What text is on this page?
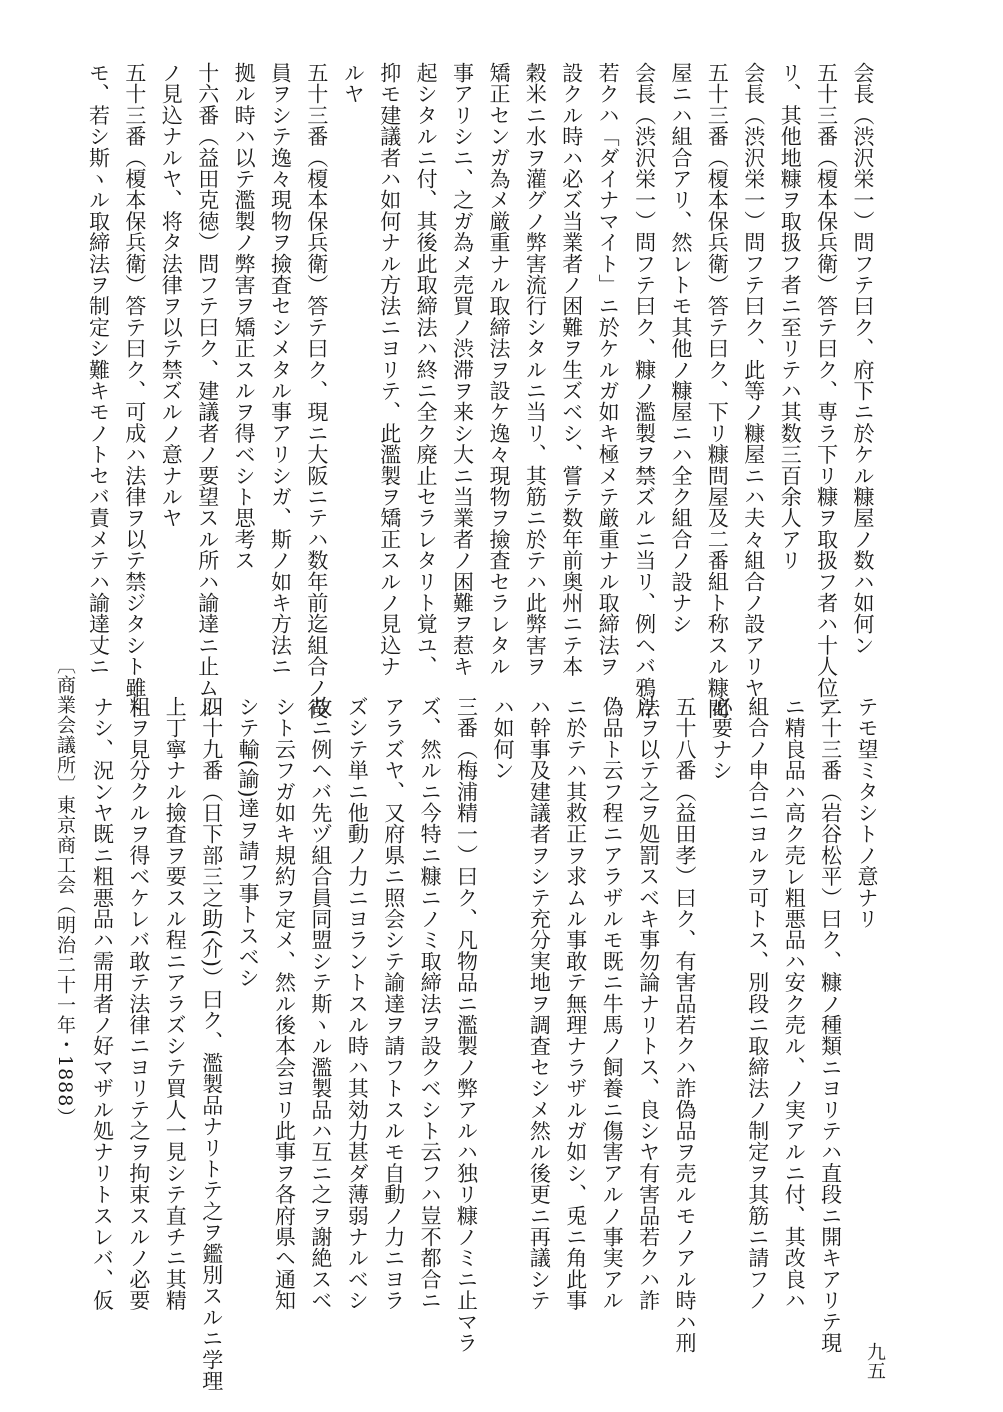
会長（渋沢栄一）問フテ曰ク、府下ニ於ケル糠屋ノ数ハ如何ン
五十三番（榎本保兵衛）答テ曰ク、専ラ下リ糠ヲ取扱フ者ハ十人位ア
リ、其他地糠ヲ取扱フ者ニ至リテハ其数三百余人アリ
会長（渋沢栄一）問フテ曰ク、此等ノ糠屋ニハ夫々組合ノ設アリヤ
五十三番（榎本保兵衛）答テ曰ク、下リ糠問屋及二番組ト称スル糠問
屋ニハ組合アリ、然レトモ其他ノ糠屋ニハ全ク組合ノ設ナシ
会長（渋沢栄一）問フテ曰ク、糠ノ濫製ヲ禁ズルニ当リ、例ヘバ鴉片
若クハ「ダイナマイト」ニ於ケルガ如キ極メテ厳重ナル取締法ヲ
設クル時ハ必ズ当業者ノ困難ヲ生ズベシ、嘗テ数年前奥州ニテ本
穀米ニ水ヲ灌グノ弊害流行シタルニ当リ、其筋ニ於テハ此弊害ヲ
矯正センガ為メ厳重ナル取締法ヲ設ケ逸々現物ヲ撿査セラレタル
事アリシニ、之ガ為メ売買ノ渋滞ヲ来シ大ニ当業者ノ困難ヲ惹キ
起シタルニ付、其後此取締法ハ終ニ全ク廃止セラレタリト覚ユ、
抑モ建議者ハ如何ナル方法ニヨリテ、此濫製ヲ矯正スルノ見込ナ
ルヤ
五十三番（榎本保兵衛）答テ曰ク、現ニ大阪ニテハ数年前迄組合ノ役
員ヲシテ逸々現物ヲ撿査セシメタル事アリシガ、斯ノ如キ方法ニ
拠ル時ハ以テ濫製ノ弊害ヲ矯正スルヲ得ベシト思考ス
十六番（益田克徳）問フテ曰ク、建議者ノ要望スル所ハ諭達ニ止ムル
ノ見込ナルヤ、将タ法律ヲ以テ禁ズルノ意ナルヤ
五十三番（榎本保兵衛）答テ曰ク、可成ハ法律ヲ以テ禁ジタシト雖ト
モ、若シ斯ヽル取締法ヲ制定シ難キモノトセバ責メテハ諭達丈ニ
テモ望ミタシトノ意ナリ
二十三番（岩谷松平）曰ク、糠ノ種類ニヨリテハ直段ニ開キアリテ現
ニ精良品ハ高ク売レ粗悪品ハ安ク売ル、ノ実アルニ付、其改良ハ
組合ノ申合ニヨルヲ可トス、別段ニ取締法ノ制定ヲ其筋ニ請フノ
必要ナシ
五十八番（益田孝）曰ク、有害品若クハ詐偽品ヲ売ルモノアル時ハ刑
法ヲ以テ之ヲ処罰スベキ事勿論ナリトス、良シヤ有害品若クハ詐
偽品ト云フ程ニアラザルモ既ニ牛馬ノ飼養ニ傷害アルノ事実アル
ニ於テハ其救正ヲ求ムル事敢テ無理ナラザルガ如シ、兎ニ角此事
ハ幹事及建議者ヲシテ充分実地ヲ調査セシメ然ル後更ニ再議シテ
ハ如何ン
三番（梅浦精一）曰ク、凡物品ニ濫製ノ弊アルハ独リ糠ノミニ止マラ
ズ、然ルニ今特ニ糠ニノミ取締法ヲ設クベシト云フハ豈不都合ニ
アラズヤ、又府県ニ照会シテ諭達ヲ請フトスルモ自動ノ力ニヨラ
ズシテ単ニ他動ノ力ニヨラントスル時ハ其効力甚ダ薄弱ナルベシ
故ニ例ヘバ先ヅ組合員同盟シテ斯ヽル濫製品ハ互ニ之ヲ謝絶スベ
シト云フガ如キ規約ヲ定メ、然ル後本会ヨリ此事ヲ各府県ヘ通知
シテ輸(諭)達ヲ請フ事トスベシ
四十九番（日下部三之助(介)）曰ク、濫製品ナリトテ之ヲ鑑別スルニ学理
上丁寧ナル撿査ヲ要スル程ニアラズシテ買人一見シテ直チニ其精
粗ヲ見分クルヲ得ベケレバ敢テ法律ニヨリテ之ヲ拘束スルノ必要
ナシ、況ンヤ既ニ粗悪品ハ需用者ノ好マザル処ナリトスレバ、仮
〔商業会議所〕東京商工会（明治二十一年・1888）
九五
